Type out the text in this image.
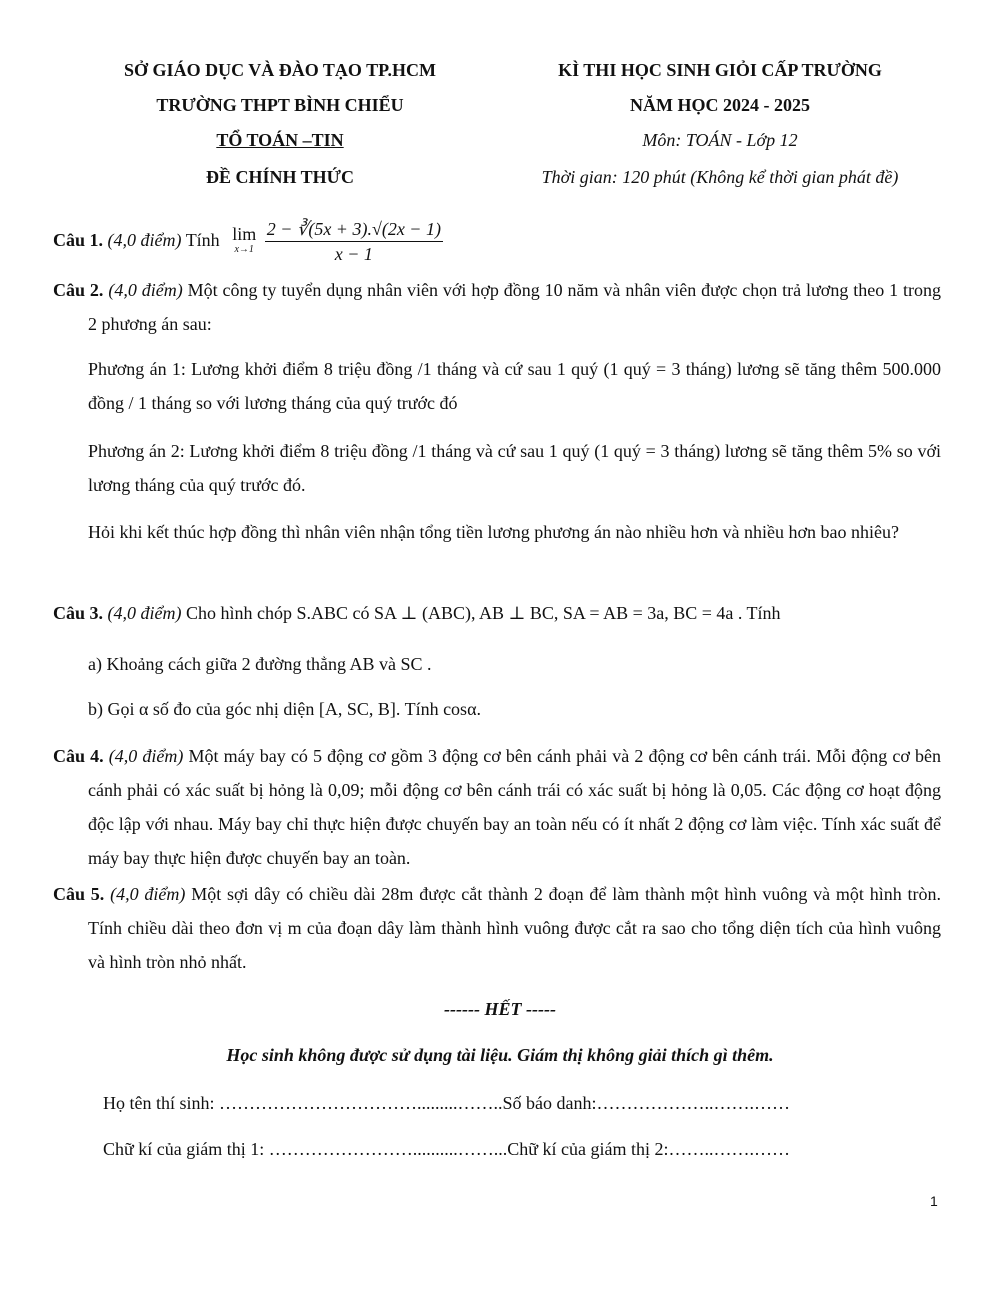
SỞ GIÁO DỤC VÀ ĐÀO TẠO TP.HCM
TRƯỜNG THPT BÌNH CHIỂU
TỔ TOÁN –TIN
ĐỀ CHÍNH THỨC
KÌ THI HỌC SINH GIỎI CẤP TRƯỜNG
NĂM HỌC 2024 - 2025
Môn: TOÁN - Lớp 12
Thời gian: 120 phút (Không kể thời gian phát đề)
Câu 1. (4,0 điểm) Tính lim
x→1
$\frac{2 - ∛(5x + 3).√(2x - 1)}{x - 1}$
Câu 2. (4,0 điểm) Một công ty tuyển dụng nhân viên với hợp đồng 10 năm và nhân viên được chọn trả lương theo 1 trong 2 phương án sau:
Phương án 1: Lương khởi điểm 8 triệu đồng /1 tháng và cứ sau 1 quý (1 quý = 3 tháng) lương sẽ tăng thêm 500.000 đồng / 1 tháng so với lương tháng của quý trước đó
Phương án 2: Lương khởi điểm 8 triệu đồng /1 tháng và cứ sau 1 quý (1 quý = 3 tháng) lương sẽ tăng thêm 5% so với lương tháng của quý trước đó.
Hỏi khi kết thúc hợp đồng thì nhân viên nhận tổng tiền lương phương án nào nhiều hơn và nhiều hơn bao nhiêu?
Câu 3. (4,0 điểm) Cho hình chóp S.ABC có SA ⊥ (ABC), AB ⊥ BC, SA = AB = 3a, BC = 4a . Tính
a) Khoảng cách giữa 2 đường thẳng AB và SC .
b) Gọi α số đo của góc nhị diện [A, SC, B]. Tính cosα.
Câu 4. (4,0 điểm) Một máy bay có 5 động cơ gồm 3 động cơ bên cánh phải và 2 động cơ bên cánh trái. Mỗi động cơ bên cánh phải có xác suất bị hỏng là 0,09; mỗi động cơ bên cánh trái có xác suất bị hỏng là 0,05. Các động cơ hoạt động độc lập với nhau. Máy bay chỉ thực hiện được chuyến bay an toàn nếu có ít nhất 2 động cơ làm việc. Tính xác suất để máy bay thực hiện được chuyến bay an toàn.
Câu 5. (4,0 điểm) Một sợi dây có chiều dài 28m được cắt thành 2 đoạn để làm thành một hình vuông và một hình tròn. Tính chiều dài theo đơn vị m của đoạn dây làm thành hình vuông được cắt ra sao cho tổng diện tích của hình vuông và hình tròn nhỏ nhất.
------ HẾT -----
Học sinh không được sử dụng tài liệu. Giám thị không giải thích gì thêm.
Họ tên thí sinh: …………………………….........……..Số báo danh:………………..…….……
Chữ kí của giám thị 1: ……………………..........……...Chữ kí của giám thị 2:……..…….……
1
